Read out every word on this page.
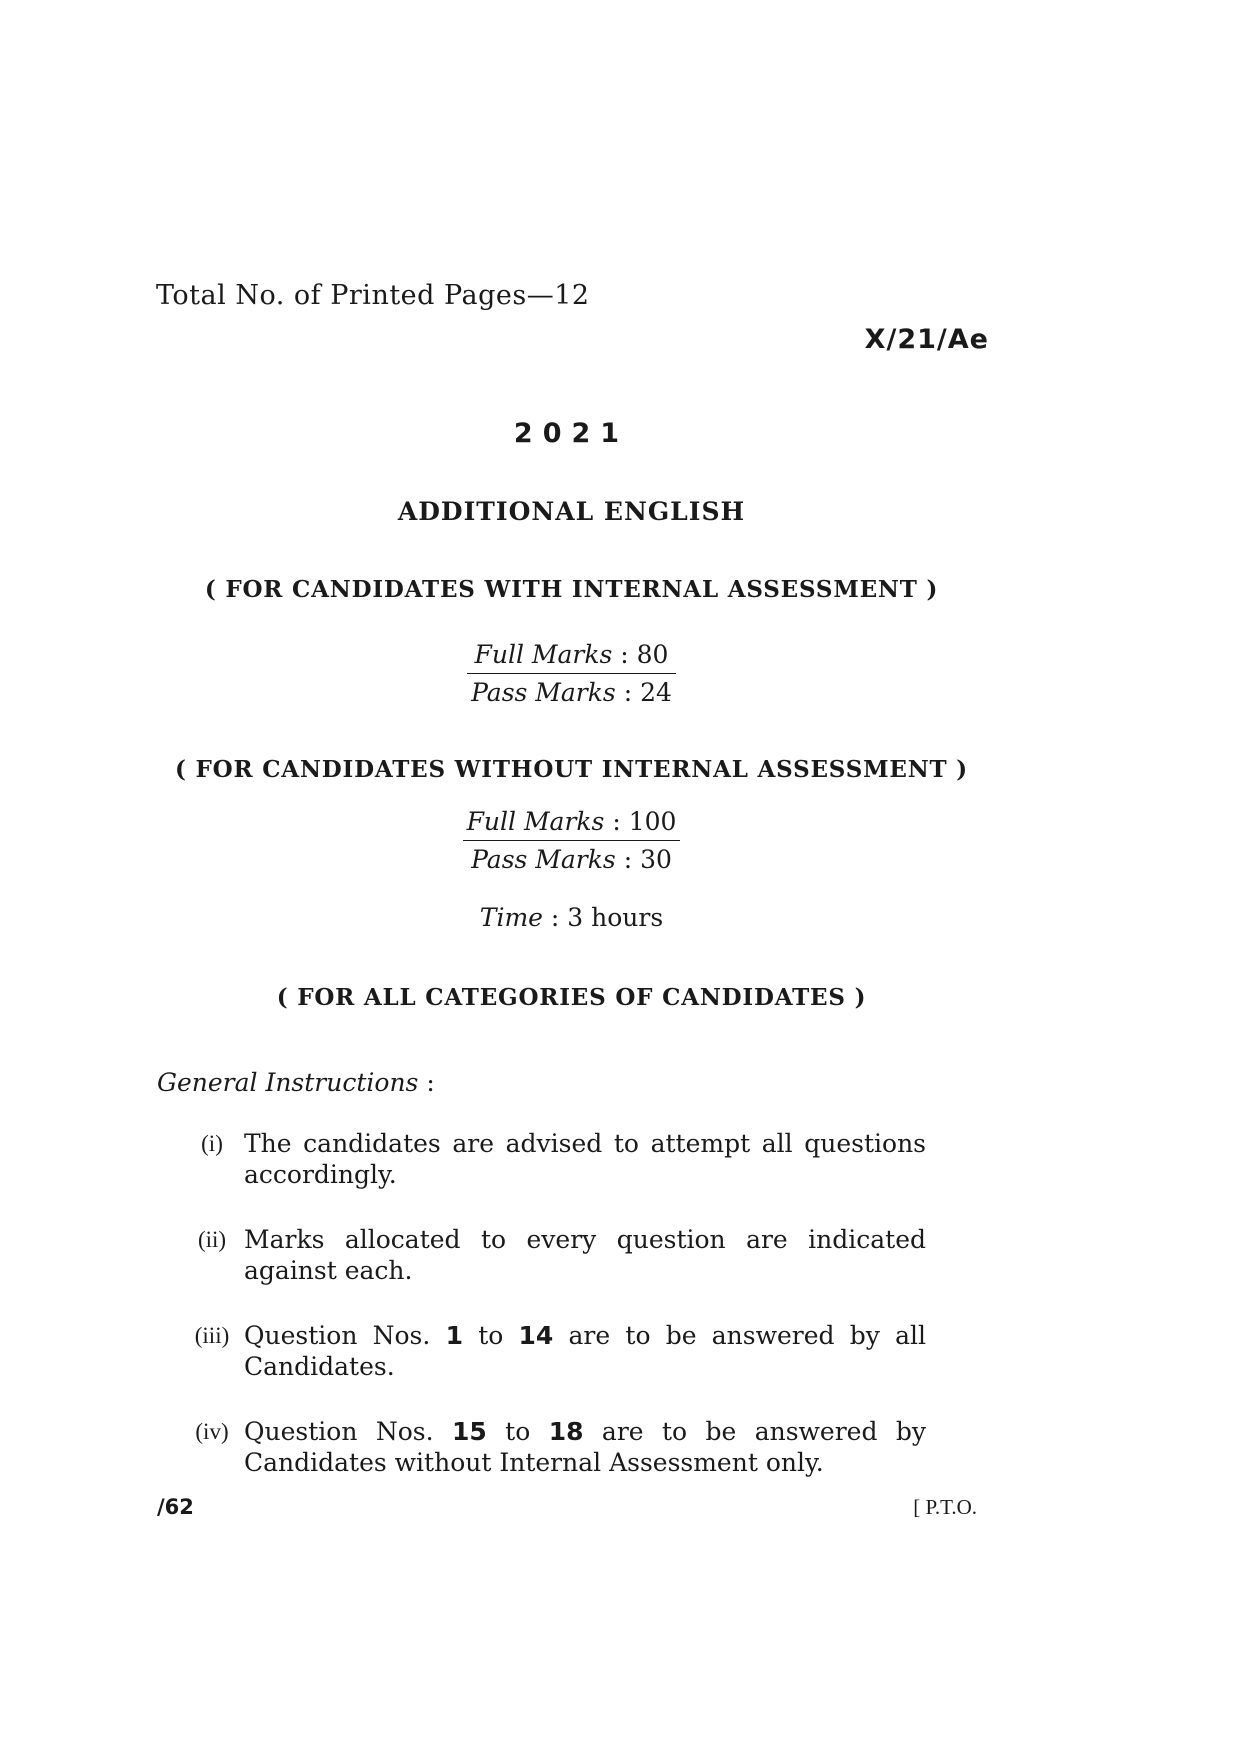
Total No. of Printed Pages—12
X/21/Ae
2021
ADDITIONAL ENGLISH
( FOR CANDIDATES WITH INTERNAL ASSESSMENT )
Full Marks : 80
Pass Marks : 24
( FOR CANDIDATES WITHOUT INTERNAL ASSESSMENT )
Full Marks : 100
Pass Marks : 30
Time : 3 hours
( FOR ALL CATEGORIES OF CANDIDATES )
General Instructions :
(i) The candidates are advised to attempt all questions accordingly.
(ii) Marks allocated to every question are indicated against each.
(iii) Question Nos. 1 to 14 are to be answered by all Candidates.
(iv) Question Nos. 15 to 18 are to be answered by Candidates without Internal Assessment only.
/62	[ P.T.O.
